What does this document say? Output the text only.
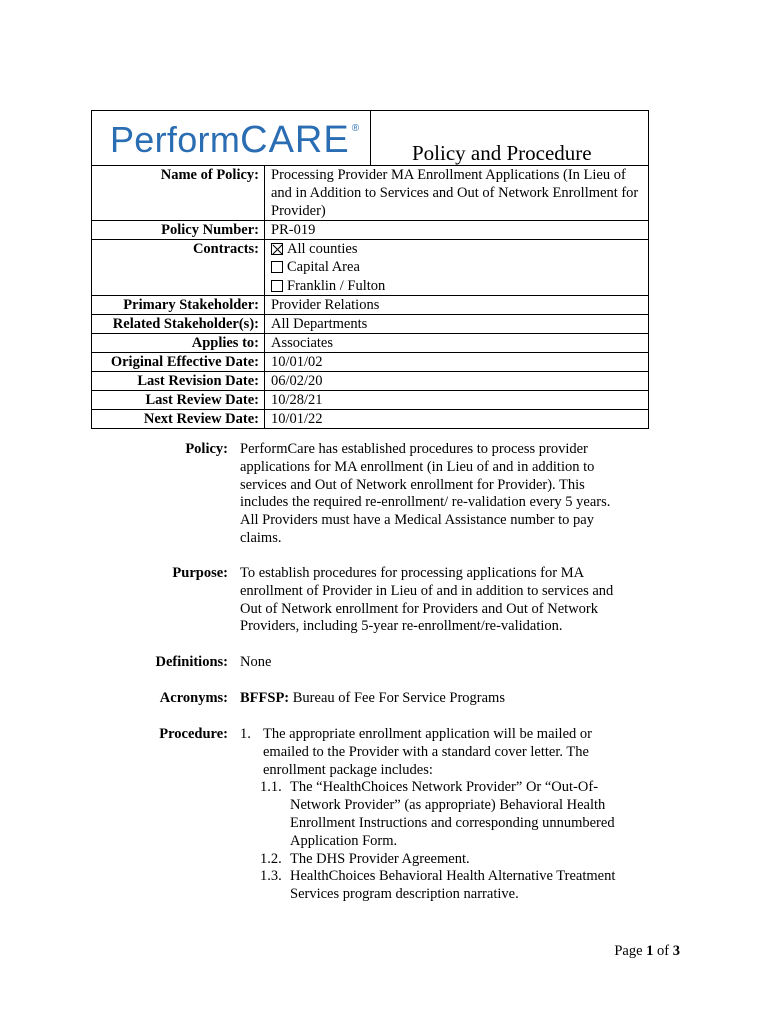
PerformCARE ®
Policy and Procedure
Name of Policy:	Processing Provider MA Enrollment Applications (In Lieu of and in Addition to Services and Out of Network Enrollment for Provider)
Policy Number:	PR-019
Contracts:	All counties
Capital Area
Franklin / Fulton

Primary Stakeholder:	Provider Relations
Related Stakeholder(s):	All Departments
Applies to:	Associates
Original Effective Date:	10/01/02
Last Revision Date:	06/02/20
Last Review Date:	10/28/21
Next Review Date:	10/01/22
Policy: PerformCare has established procedures to process provider applications for MA enrollment (in Lieu of and in addition to services and Out of Network enrollment for Provider). This includes the required re-enrollment/ re-validation every 5 years. All Providers must have a Medical Assistance number to pay claims.
Purpose: To establish procedures for processing applications for MA enrollment of Provider in Lieu of and in addition to services and Out of Network enrollment for Providers and Out of Network Providers, including 5-year re-enrollment/re-validation.
Definitions: None
Acronyms: BFFSP: Bureau of Fee For Service Programs
Procedure: 1. The appropriate enrollment application will be mailed or emailed to the Provider with a standard cover letter. The enrollment package includes:
1.1. The “HealthChoices Network Provider” Or “Out-Of-Network Provider” (as appropriate) Behavioral Health Enrollment Instructions and corresponding unnumbered Application Form.
1.2. The DHS Provider Agreement.
1.3. HealthChoices Behavioral Health Alternative Treatment Services program description narrative.
Page 1 of 3
